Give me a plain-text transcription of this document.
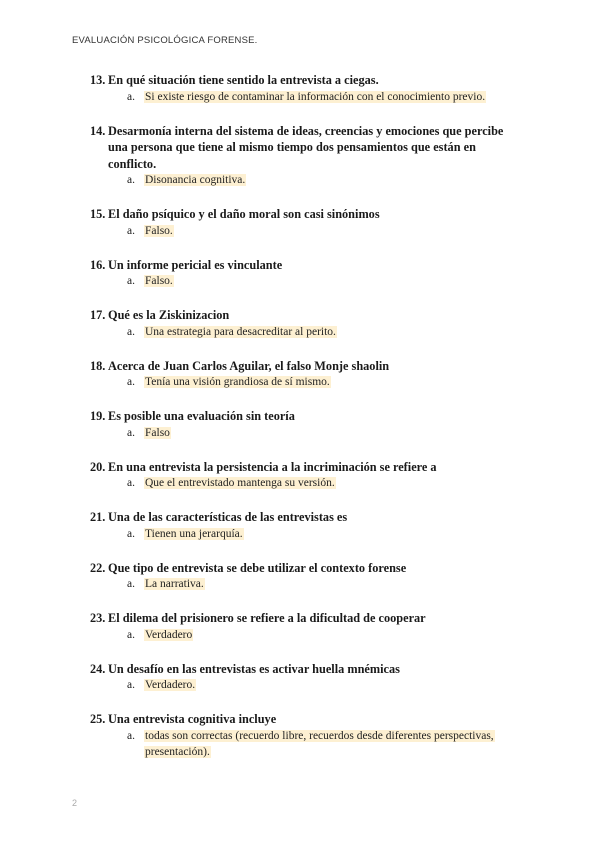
EVALUACIÓN PSICOLÓGICA FORENSE.
13. En qué situación tiene sentido la entrevista a ciegas.
a. Si existe riesgo de contaminar la información con el conocimiento previo.
14. Desarmonía interna del sistema de ideas, creencias y emociones que percibe una persona que tiene al mismo tiempo dos pensamientos que están en conflicto.
a. Disonancia cognitiva.
15. El daño psíquico y el daño moral son casi sinónimos
a. Falso.
16. Un informe pericial es vinculante
a. Falso.
17. Qué es la Ziskinizacion
a. Una estrategia para desacreditar al perito.
18. Acerca de Juan Carlos Aguilar, el falso Monje shaolin
a. Tenía una visión grandiosa de sí mismo.
19. Es posible una evaluación sin teoría
a. Falso
20. En una entrevista la persistencia a la incriminación se refiere a
a. Que el entrevistado mantenga su versión.
21. Una de las características de las entrevistas es
a. Tienen una jerarquía.
22. Que tipo de entrevista se debe utilizar el contexto forense
a. La narrativa.
23. El dilema del prisionero se refiere a la dificultad de cooperar
a. Verdadero
24. Un desafío en las entrevistas es activar huella mnémicas
a. Verdadero.
25. Una entrevista cognitiva incluye
a. todas son correctas (recuerdo libre, recuerdos desde diferentes perspectivas, presentación).
2
